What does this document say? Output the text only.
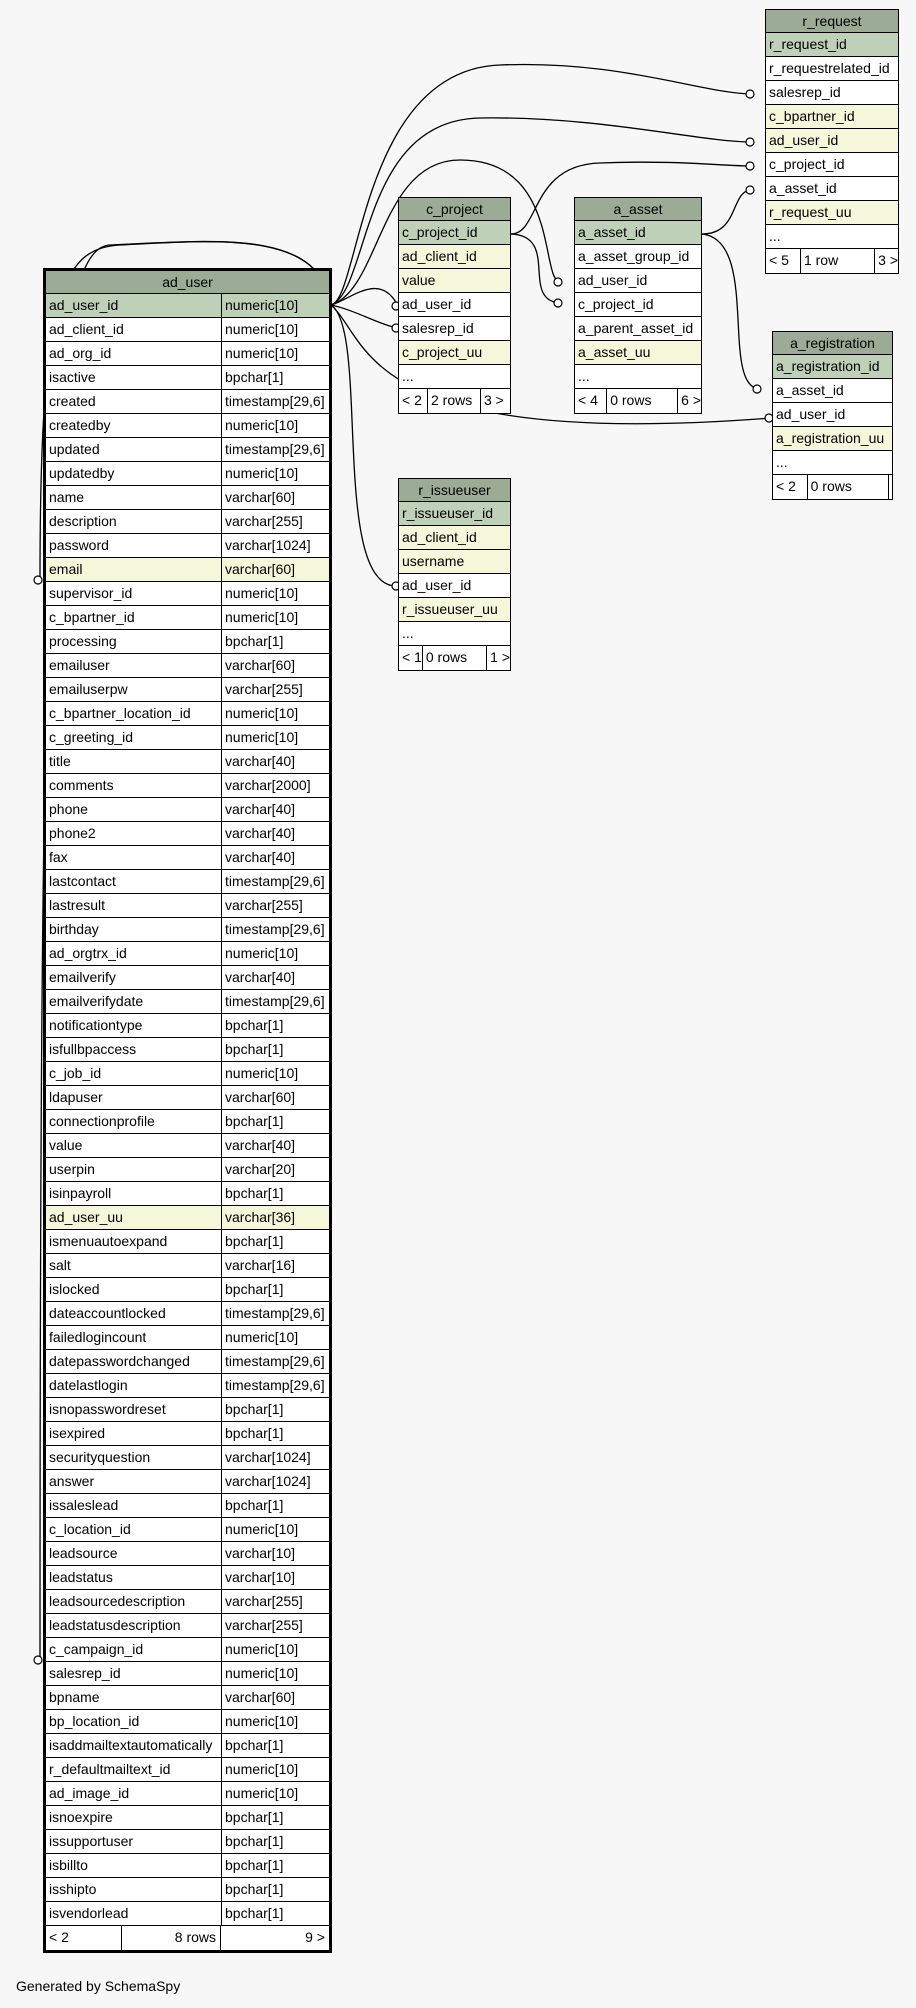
ad_user
ad_user_id	numeric[10]
ad_client_id	numeric[10]
ad_org_id	numeric[10]
isactive	bpchar[1]
created	timestamp[29,6]
createdby	numeric[10]
updated	timestamp[29,6]
updatedby	numeric[10]
name	varchar[60]
description	varchar[255]
password	varchar[1024]
email	varchar[60]
supervisor_id	numeric[10]
c_bpartner_id	numeric[10]
processing	bpchar[1]
emailuser	varchar[60]
emailuserpw	varchar[255]
c_bpartner_location_id	numeric[10]
c_greeting_id	numeric[10]
title	varchar[40]
comments	varchar[2000]
phone	varchar[40]
phone2	varchar[40]
fax	varchar[40]
lastcontact	timestamp[29,6]
lastresult	varchar[255]
birthday	timestamp[29,6]
ad_orgtrx_id	numeric[10]
emailverify	varchar[40]
emailverifydate	timestamp[29,6]
notificationtype	bpchar[1]
isfullbpaccess	bpchar[1]
c_job_id	numeric[10]
ldapuser	varchar[60]
connectionprofile	bpchar[1]
value	varchar[40]
userpin	varchar[20]
isinpayroll	bpchar[1]
ad_user_uu	varchar[36]
ismenuautoexpand	bpchar[1]
salt	varchar[16]
islocked	bpchar[1]
dateaccountlocked	timestamp[29,6]
failedlogincount	numeric[10]
datepasswordchanged	timestamp[29,6]
datelastlogin	timestamp[29,6]
isnopasswordreset	bpchar[1]
isexpired	bpchar[1]
securityquestion	varchar[1024]
answer	varchar[1024]
issaleslead	bpchar[1]
c_location_id	numeric[10]
leadsource	varchar[10]
leadstatus	varchar[10]
leadsourcedescription	varchar[255]
leadstatusdescription	varchar[255]
c_campaign_id	numeric[10]
salesrep_id	numeric[10]
bpname	varchar[60]
bp_location_id	numeric[10]
isaddmailtextautomatically bpchar[1]
r_defaultmailtext_id	numeric[10]
ad_image_id	numeric[10]
isnoexpire	bpchar[1]
issupportuser	bpchar[1]
isbillto	bpchar[1]
isshipto	bpchar[1]
isvendorlead	bpchar[1]
< 2	8 rows	9 >
c_project
c_project_id
ad_client_id
value
ad_user_id
salesrep_id
c_project_uu
...
< 2 2 rows 3 >
a_asset
a_asset_id
a_asset_group_id
ad_user_id
c_project_id
a_parent_asset_id
a_asset_uu
...
< 4 0 rows	6 >
r_request
r_request_id
r_requestrelated_id
salesrep_id
c_bpartner_id
ad_user_id
c_project_id
a_asset_id
r_request_uu
...
< 5	1 row	3 >
a_registration
a_registration_id
a_asset_id
ad_user_id
a_registration_uu
...
< 2	0 rows
r_issueuser
r_issueuser_id
ad_client_id
username
ad_user_id
r_issueuser_uu
...
< 1 0 rows	1 >
Generated by SchemaSpy
